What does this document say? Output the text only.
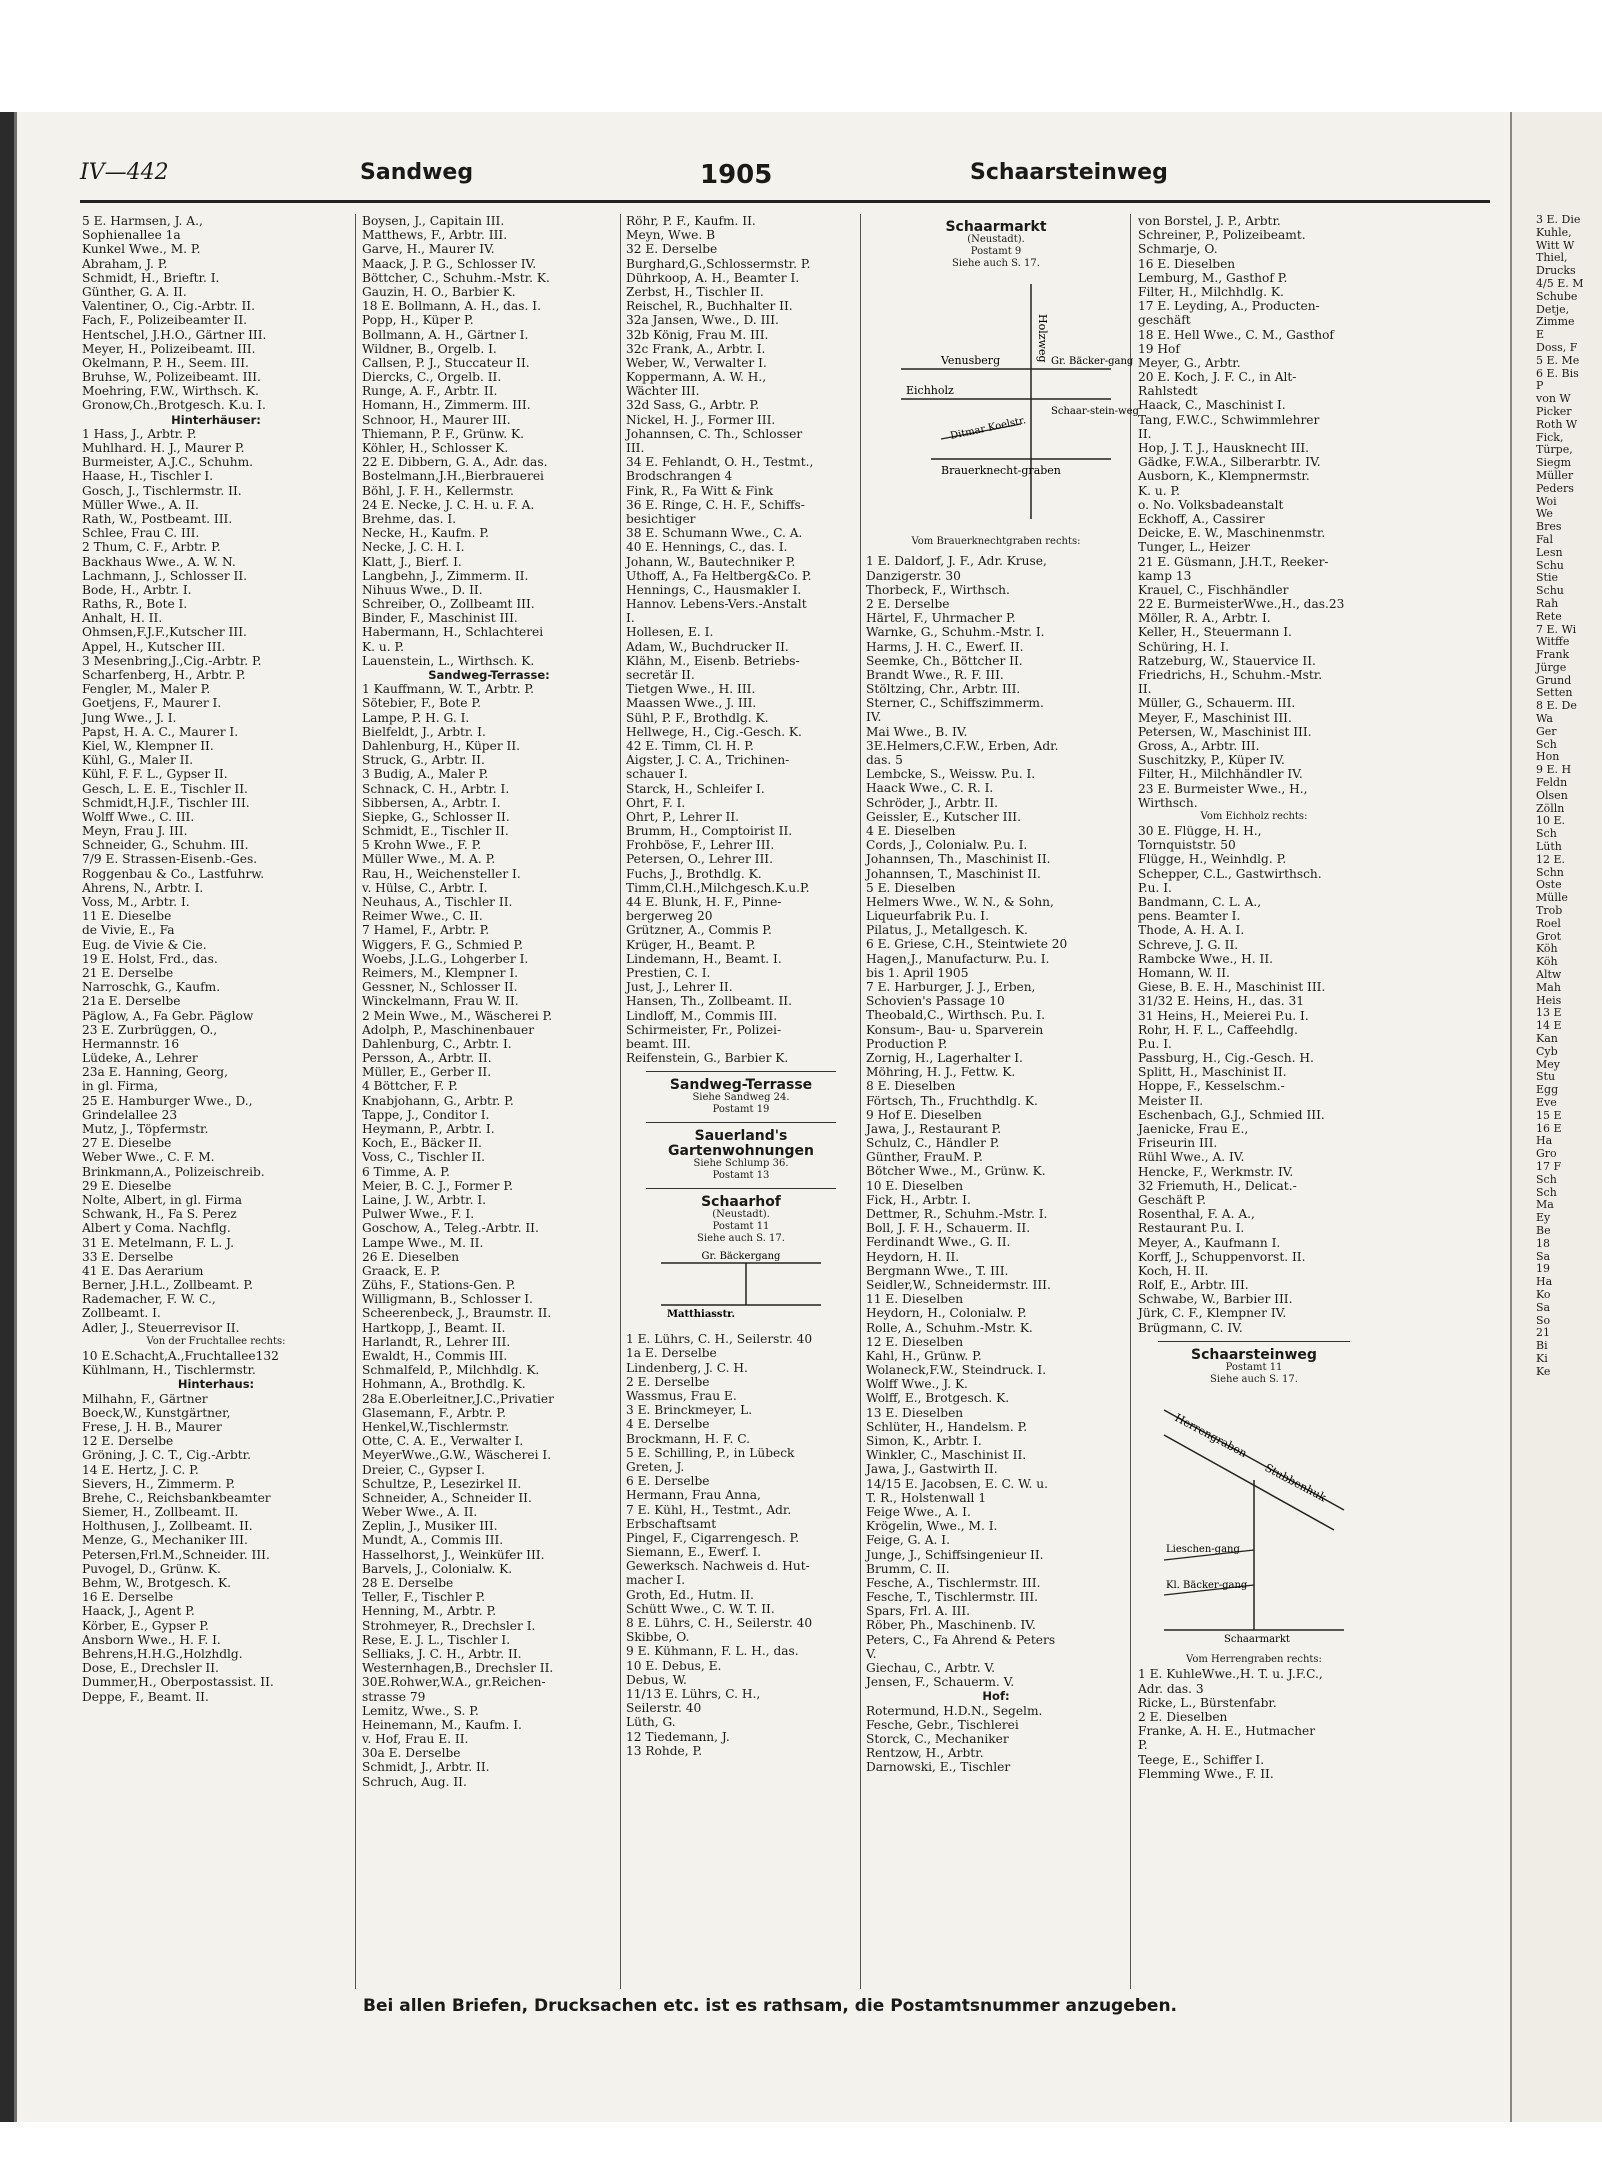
3 E. Die
Kuhle,
Witt W
Thiel,
Drucks
4/5 E. M
Schube
Detje,
Zimme
E
Doss, F
5 E. Me
6 E. Bis
P
von W
Picker
Roth W
Fick,
Türpe,
Siegm
Müller
Peders
Woi
We
Bres
Fal
Lesn
Schu
Stie
Schu
Rah
Rete
7 E. Wi
Witffe
Frank
Jürge
Grund
Setten
8 E. De
Wa
Ger
Sch
Hon
9 E. H
Feldn
Olsen
Zölln
10 E.
Sch
Lüth
12 E.
Schn
Oste
Mülle
Trob
Roel
Grot
Köh
Köh
Altw
Mah
Heis
13 E
14 E
Kan
Cyb
Mey
Stu
Egg
Eve
15 E
16 E
Ha
Gro
17 F
Sch
Sch
Ma
Ey
Be
18
Sa
19
Ha
Ko
Sa
So
21
Bi
Ki
Ke
IV—442	Sandweg	1905	Schaarsteinweg
5 E. Harmsen, J. A.,
Sophienallee 1a
Kunkel Wwe., M. P.
Abraham, J. P.
Schmidt, H., Brieftr. I.
Günther, G. A. II.
Valentiner, O., Cig.-Arbtr. II.
Fach, F., Polizeibeamter II.
Hentschel, J.H.O., Gärtner III.
Meyer, H., Polizeibeamt. III.
Okelmann, P. H., Seem. III.
Bruhse, W., Polizeibeamt. III.
Moehring, F.W., Wirthsch. K.
Gronow,Ch.,Brotgesch. K.u. I.
Hinterhäuser:
1 Hass, J., Arbtr. P.
Muhlhard. H. J., Maurer P.
Burmeister, A.J.C., Schuhm.
Haase, H., Tischler I.
Gosch, J., Tischlermstr. II.
Müller Wwe., A. II.
Rath, W., Postbeamt. III.
Schlee, Frau C. III.
2 Thum, C. F., Arbtr. P.
Backhaus Wwe., A. W. N.
Lachmann, J., Schlosser II.
Bode, H., Arbtr. I.
Raths, R., Bote I.
Anhalt, H. II.
Ohmsen,F.J.F.,Kutscher III.
Appel, H., Kutscher III.
3 Mesenbring,J.,Cig.-Arbtr. P.
Scharfenberg, H., Arbtr. P.
Fengler, M., Maler P.
Goetjens, F., Maurer I.
Jung Wwe., J. I.
Papst, H. A. C., Maurer I.
Kiel, W., Klempner II.
Kühl, G., Maler II.
Kühl, F. F. L., Gypser II.
Gesch, L. E. E., Tischler II.
Schmidt,H.J.F., Tischler III.
Wolff Wwe., C. III.
Meyn, Frau J. III.
Schneider, G., Schuhm. III.
7/9 E. Strassen-Eisenb.-Ges.
Roggenbau & Co., Lastfuhrw.
Ahrens, N., Arbtr. I.
Voss, M., Arbtr. I.
11 E. Dieselbe
de Vivie, E., Fa
Eug. de Vivie & Cie.
19 E. Holst, Frd., das.
21 E. Derselbe
Narroschk, G., Kaufm.
21a E. Derselbe
Päglow, A., Fa Gebr. Päglow
23 E. Zurbrüggen, O.,
Hermannstr. 16
Lüdeke, A., Lehrer
23a E. Hanning, Georg,
in gl. Firma,
25 E. Hamburger Wwe., D.,
Grindelallee 23
Mutz, J., Töpfermstr.
27 E. Dieselbe
Weber Wwe., C. F. M.
Brinkmann,A., Polizeischreib.
29 E. Dieselbe
Nolte, Albert, in gl. Firma
Schwank, H., Fa S. Perez
Albert y Coma. Nachflg.
31 E. Metelmann, F. L. J.
33 E. Derselbe
41 E. Das Aerarium
Berner, J.H.L., Zollbeamt. P.
Rademacher, F. W. C.,
Zollbeamt. I.
Adler, J., Steuerrevisor II.
Von der Fruchtallee rechts:
10 E.Schacht,A.,Fruchtallee132
Kühlmann, H., Tischlermstr.
Hinterhaus:
Milhahn, F., Gärtner
Boeck,W., Kunstgärtner,
Frese, J. H. B., Maurer
12 E. Derselbe
Gröning, J. C. T., Cig.-Arbtr.
14 E. Hertz, J. C. P.
Sievers, H., Zimmerm. P.
Brehe, C., Reichsbankbeamter
Siemer, H., Zollbeamt. II.
Holthusen, J., Zollbeamt. II.
Menze, G., Mechaniker III.
Petersen,Frl.M.,Schneider. III.
Puvogel, D., Grünw. K.
Behm, W., Brotgesch. K.
16 E. Derselbe
Haack, J., Agent P.
Körber, E., Gypser P.
Ansborn Wwe., H. F. I.
Behrens,H.H.G.,Holzhdlg.
Dose, E., Drechsler II.
Dummer,H., Oberpostassist. II.
Deppe, F., Beamt. II.
Boysen, J., Capitain III.
Matthews, F., Arbtr. III.
Garve, H., Maurer IV.
Maack, J. P. G., Schlosser IV.
Böttcher, C., Schuhm.-Mstr. K.
Gauzin, H. O., Barbier K.
18 E. Bollmann, A. H., das. I.
Popp, H., Küper P.
Bollmann, A. H., Gärtner I.
Wildner, B., Orgelb. I.
Callsen, P. J., Stuccateur II.
Diercks, C., Orgelb. II.
Runge, A. F., Arbtr. II.
Homann, H., Zimmerm. III.
Schnoor, H., Maurer III.
Thiemann, P. F., Grünw. K.
Köhler, H., Schlosser K.
22 E. Dibbern, G. A., Adr. das.
Bostelmann,J.H.,Bierbrauerei
Böhl, J. F. H., Kellermstr.
24 E. Necke, J. C. H. u. F. A.
Brehme, das. I.
Necke, H., Kaufm. P.
Necke, J. C. H. I.
Klatt, J., Bierf. I.
Langbehn, J., Zimmerm. II.
Nihuus Wwe., D. II.
Schreiber, O., Zollbeamt III.
Binder, F., Maschinist III.
Habermann, H., Schlachterei
K. u. P.
Lauenstein, L., Wirthsch. K.
Sandweg-Terrasse:
1 Kauffmann, W. T., Arbtr. P.
Sötebier, F., Bote P.
Lampe, P. H. G. I.
Bielfeldt, J., Arbtr. I.
Dahlenburg, H., Küper II.
Struck, G., Arbtr. II.
3 Budig, A., Maler P.
Schnack, C. H., Arbtr. I.
Sibbersen, A., Arbtr. I.
Siepke, G., Schlosser II.
Schmidt, E., Tischler II.
5 Krohn Wwe., F. P.
Müller Wwe., M. A. P.
Rau, H., Weichensteller I.
v. Hülse, C., Arbtr. I.
Neuhaus, A., Tischler II.
Reimer Wwe., C. II.
7 Hamel, F., Arbtr. P.
Wiggers, F. G., Schmied P.
Woebs, J.L.G., Lohgerber I.
Reimers, M., Klempner I.
Gessner, N., Schlosser II.
Winckelmann, Frau W. II.
2 Mein Wwe., M., Wäscherei P.
Adolph, P., Maschinenbauer
Dahlenburg, C., Arbtr. I.
Persson, A., Arbtr. II.
Müller, E., Gerber II.
4 Böttcher, F. P.
Knabjohann, G., Arbtr. P.
Tappe, J., Conditor I.
Heymann, P., Arbtr. I.
Koch, E., Bäcker II.
Voss, C., Tischler II.
6 Timme, A. P.
Meier, B. C. J., Former P.
Laine, J. W., Arbtr. I.
Pulwer Wwe., F. I.
Goschow, A., Teleg.-Arbtr. II.
Lampe Wwe., M. II.
26 E. Dieselben
Graack, E. P.
Zühs, F., Stations-Gen. P.
Willigmann, B., Schlosser I.
Scheerenbeck, J., Braumstr. II.
Hartkopp, J., Beamt. II.
Harlandt, R., Lehrer III.
Ewaldt, H., Commis III.
Schmalfeld, P., Milchhdlg. K.
Hohmann, A., Brothdlg. K.
28a E.Oberleitner,J.C.,Privatier
Glasemann, F., Arbtr. P.
Henkel,W.,Tischlermstr.
Otte, C. A. E., Verwalter I.
MeyerWwe.,G.W., Wäscherei I.
Dreier, C., Gypser I.
Schultze, P., Lesezirkel II.
Schneider, A., Schneider II.
Weber Wwe., A. II.
Zeplin, J., Musiker III.
Mundt, A., Commis III.
Hasselhorst, J., Weinküfer III.
Barvels, J., Colonialw. K.
28 E. Derselbe
Teller, F., Tischler P.
Henning, M., Arbtr. P.
Strohmeyer, R., Drechsler I.
Rese, E. J. L., Tischler I.
Selliaks, J. C. H., Arbtr. II.
Westernhagen,B., Drechsler II.
30E.Rohwer,W.A., gr.Reichen-
strasse 79
Lemitz, Wwe., S. P.
Heinemann, M., Kaufm. I.
v. Hof, Frau E. II.
30a E. Derselbe
Schmidt, J., Arbtr. II.
Schruch, Aug. II.
Röhr, P. F., Kaufm. II.
Meyn, Wwe. B
32 E. Derselbe
Burghard,G.,Schlossermstr. P.
Dührkoop, A. H., Beamter I.
Zerbst, H., Tischler II.
Reischel, R., Buchhalter II.
32a Jansen, Wwe., D. III.
32b König, Frau M. III.
32c Frank, A., Arbtr. I.
Weber, W., Verwalter I.
Koppermann, A. W. H.,
Wächter III.
32d Sass, G., Arbtr. P.
Nickel, H. J., Former III.
Johannsen, C. Th., Schlosser
III.
34 E. Fehlandt, O. H., Testmt.,
Brodschrangen 4
Fink, R., Fa Witt & Fink
36 E. Ringe, C. H. F., Schiffs-
besichtiger
38 E. Schumann Wwe., C. A.
40 E. Hennings, C., das. I.
Johann, W., Bautechniker P.
Uthoff, A., Fa Heltberg&Co. P.
Hennings, C., Hausmakler I.
Hannov. Lebens-Vers.-Anstalt
I.
Hollesen, E. I.
Adam, W., Buchdrucker II.
Klähn, M., Eisenb. Betriebs-
secretär II.
Tietgen Wwe., H. III.
Maassen Wwe., J. III.
Sühl, P. F., Brothdlg. K.
Hellwege, H., Cig.-Gesch. K.
42 E. Timm, Cl. H. P.
Aigster, J. C. A., Trichinen-
schauer I.
Starck, H., Schleifer I.
Ohrt, F. I.
Ohrt, P., Lehrer II.
Brumm, H., Comptoirist II.
Frohböse, F., Lehrer III.
Petersen, O., Lehrer III.
Fuchs, J., Brothdlg. K.
Timm,Cl.H.,Milchgesch.K.u.P.
44 E. Blunk, H. F., Pinne-
bergerweg 20
Grützner, A., Commis P.
Krüger, H., Beamt. P.
Lindemann, H., Beamt. I.
Prestien, C. I.
Just, J., Lehrer II.
Hansen, Th., Zollbeamt. II.
Lindloff, M., Commis III.
Schirmeister, Fr., Polizei-
beamt. III.
Reifenstein, G., Barbier K.
Sandweg-Terrasse
Siehe Sandweg 24.
Postamt 19
Sauerland's Gartenwohnungen
Siehe Schlump 36.
Postamt 13
Schaarhof
(Neustadt).
Postamt 11
Siehe auch S. 17.
Gr. Bäckergang
Matthiasstr.
1 E. Lührs, C. H., Seilerstr. 40
1a E. Derselbe
Lindenberg, J. C. H.
2 E. Derselbe
Wassmus, Frau E.
3 E. Brinckmeyer, L.
4 E. Derselbe
Brockmann, H. F. C.
5 E. Schilling, P., in Lübeck
Greten, J.
6 E. Derselbe
Hermann, Frau Anna,
7 E. Kühl, H., Testmt., Adr.
Erbschaftsamt
Pingel, F., Cigarrengesch. P.
Siemann, E., Ewerf. I.
Gewerksch. Nachweis d. Hut-
macher I.
Groth, Ed., Hutm. II.
Schütt Wwe., C. W. T. II.
8 E. Lührs, C. H., Seilerstr. 40
Skibbe, O.
9 E. Kühmann, F. L. H., das.
10 E. Debus, E.
Debus, W.
11/13 E. Lührs, C. H.,
Seilerstr. 40
Lüth, G.
12 Tiedemann, J.
13 Rohde, P.
Schaarmarkt
(Neustadt).
Postamt 9
Siehe auch S. 17.
Holzweg
Venusberg	Gr. Bäcker-gang
Eichholz
Ditmar Koelstr.
Schaar-stein-weg
Brauerknecht-graben
Vom Brauerknechtgraben rechts:
1 E. Daldorf, J. F., Adr. Kruse,
Danzigerstr. 30
Thorbeck, F., Wirthsch.
2 E. Derselbe
Härtel, F., Uhrmacher P.
Warnke, G., Schuhm.-Mstr. I.
Harms, J. H. C., Ewerf. II.
Seemke, Ch., Böttcher II.
Brandt Wwe., R. F. III.
Stöltzing, Chr., Arbtr. III.
Sterner, C., Schiffszimmerm.
IV.
Mai Wwe., B. IV.
3E.Helmers,C.F.W., Erben, Adr.
das. 5
Lembcke, S., Weissw. P.u. I.
Haack Wwe., C. R. I.
Schröder, J., Arbtr. II.
Geissler, E., Kutscher III.
4 E. Dieselben
Cords, J., Colonialw. P.u. I.
Johannsen, Th., Maschinist II.
Johannsen, T., Maschinist II.
5 E. Dieselben
Helmers Wwe., W. N., & Sohn,
Liqueurfabrik P.u. I.
Pilatus, J., Metallgesch. K.
6 E. Griese, C.H., Steintwiete 20
Hagen,J., Manufacturw. P.u. I.
bis 1. April 1905
7 E. Harburger, J. J., Erben,
Schovien's Passage 10
Theobald,C., Wirthsch. P.u. I.
Konsum-, Bau- u. Sparverein
Production P.
Zornig, H., Lagerhalter I.
Möhring, H. J., Fettw. K.
8 E. Dieselben
Förtsch, Th., Fruchthdlg. K.
9 Hof E. Dieselben
Jawa, J., Restaurant P.
Schulz, C., Händler P.
Günther, FrauM. P.
Bötcher Wwe., M., Grünw. K.
10 E. Dieselben
Fick, H., Arbtr. I.
Dettmer, R., Schuhm.-Mstr. I.
Boll, J. F. H., Schauerm. II.
Ferdinandt Wwe., G. II.
Heydorn, H. II.
Bergmann Wwe., T. III.
Seidler,W., Schneidermstr. III.
11 E. Dieselben
Heydorn, H., Colonialw. P.
Rolle, A., Schuhm.-Mstr. K.
12 E. Dieselben
Kahl, H., Grünw. P.
Wolaneck,F.W., Steindruck. I.
Wolff Wwe., J. K.
Wolff, E., Brotgesch. K.
13 E. Dieselben
Schlüter, H., Handelsm. P.
Simon, K., Arbtr. I.
Winkler, C., Maschinist II.
Jawa, J., Gastwirth II.
14/15 E. Jacobsen, E. C. W. u.
T. R., Holstenwall 1
Feige Wwe., A. I.
Krögelin, Wwe., M. I.
Feige, G. A. I.
Junge, J., Schiffsingenieur II.
Brumm, C. II.
Fesche, A., Tischlermstr. III.
Fesche, T., Tischlermstr. III.
Spars, Frl. A. III.
Röber, Ph., Maschinenb. IV.
Peters, C., Fa Ahrend & Peters
V.
Giechau, C., Arbtr. V.
Jensen, F., Schauerm. V.
Hof:
Rotermund, H.D.N., Segelm.
Fesche, Gebr., Tischlerei
Storck, C., Mechaniker
Rentzow, H., Arbtr.
Darnowski, E., Tischler
von Borstel, J. P., Arbtr.
Schreiner, P., Polizeibeamt.
Schmarje, O.
16 E. Dieselben
Lemburg, M., Gasthof P.
Filter, H., Milchhdlg. K.
17 E. Leyding, A., Producten-
geschäft
18 E. Hell Wwe., C. M., Gasthof
19 Hof
Meyer, G., Arbtr.
20 E. Koch, J. F. C., in Alt-
Rahlstedt
Haack, C., Maschinist I.
Tang, F.W.C., Schwimmlehrer
II.
Hop, J. T. J., Hausknecht III.
Gädke, F.W.A., Silberarbtr. IV.
Ausborn, K., Klempnermstr.
K. u. P.
o. No. Volksbadeanstalt
Eckhoff, A., Cassirer
Deicke, E. W., Maschinenmstr.
Tunger, L., Heizer
21 E. Güsmann, J.H.T., Reeker-
kamp 13
Krauel, C., Fischhändler
22 E. BurmeisterWwe.,H., das.23
Möller, R. A., Arbtr. I.
Keller, H., Steuermann I.
Schüring, H. I.
Ratzeburg, W., Stauervice II.
Friedrichs, H., Schuhm.-Mstr.
II.
Müller, G., Schauerm. III.
Meyer, F., Maschinist III.
Petersen, W., Maschinist III.
Gross, A., Arbtr. III.
Suschitzky, P., Küper IV.
Filter, H., Milchhändler IV.
23 E. Burmeister Wwe., H.,
Wirthsch.
Vom Eichholz rechts:
30 E. Flügge, H. H.,
Tornquiststr. 50
Flügge, H., Weinhdlg. P.
Schepper, C.L., Gastwirthsch.
P.u. I.
Bandmann, C. L. A.,
pens. Beamter I.
Thode, A. H. A. I.
Schreve, J. G. II.
Rambcke Wwe., H. II.
Homann, W. II.
Giese, B. E. H., Maschinist III.
31/32 E. Heins, H., das. 31
31 Heins, H., Meierei P.u. I.
Rohr, H. F. L., Caffeehdlg.
P.u. I.
Passburg, H., Cig.-Gesch. H.
Splitt, H., Maschinist II.
Hoppe, F., Kesselschm.-
Meister II.
Eschenbach, G.J., Schmied III.
Jaenicke, Frau E.,
Friseurin III.
Rühl Wwe., A. IV.
Hencke, F., Werkmstr. IV.
32 Friemuth, H., Delicat.-
Geschäft P.
Rosenthal, F. A. A.,
Restaurant P.u. I.
Meyer, A., Kaufmann I.
Korff, J., Schuppenvorst. II.
Koch, H. II.
Rolf, E., Arbtr. III.
Schwabe, W., Barbier III.
Jürk, C. F., Klempner IV.
Brügmann, C. IV.
Schaarsteinweg
Postamt 11
Siehe auch S. 17.
Herrengraben
Stubbenhuk
Lieschen-gang
Kl. Bäcker-gang
Schaarmarkt
Vom Herrengraben rechts:
1 E. KuhleWwe.,H. T. u. J.F.C.,
Adr. das. 3
Ricke, L., Bürstenfabr.
2 E. Dieselben
Franke, A. H. E., Hutmacher
P.
Teege, E., Schiffer I.
Flemming Wwe., F. II.
Bei allen Briefen, Drucksachen etc. ist es rathsam, die Postamtsnummer anzugeben.
